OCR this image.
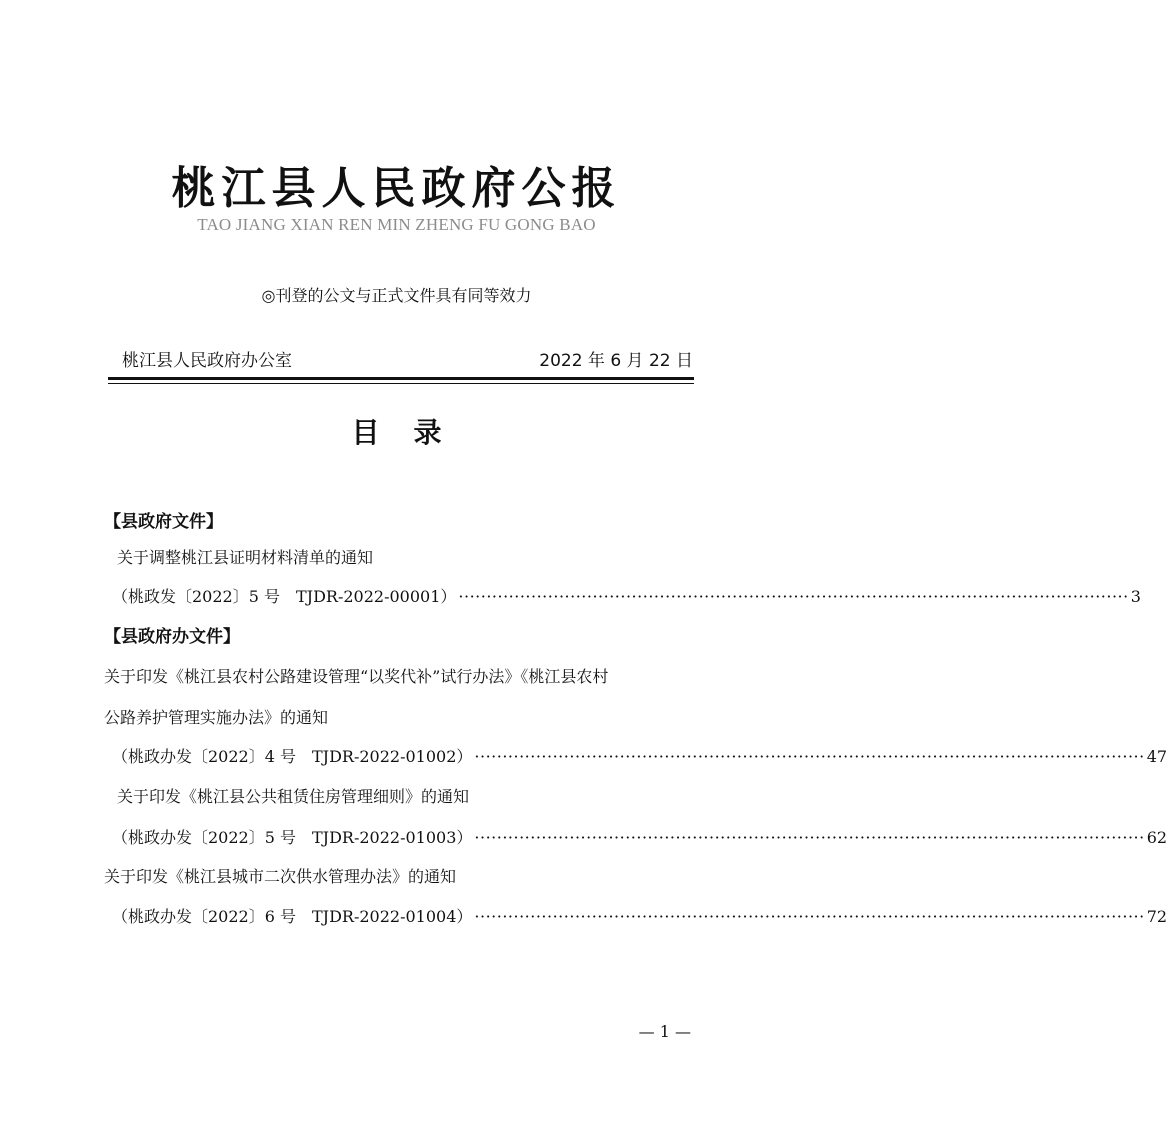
桃江县人民政府公报
TAO JIANG XIAN REN MIN ZHENG FU GONG BAO
◎刊登的公文与正式文件具有同等效力
桃江县人民政府办公室	2022 年 6 月 22 日
目录
【县政府文件】
关于调整桃江县证明材料清单的通知
（桃政发〔2022〕5 号　TJDR-2022-00001） ························································································································ 3
【县政府办文件】
关于印发《桃江县农村公路建设管理“以奖代补”试行办法》《桃江县农村
公路养护管理实施办法》的通知
（桃政办发〔2022〕4 号　TJDR-2022-01002） ························································································································ 47
关于印发《桃江县公共租赁住房管理细则》的通知
（桃政办发〔2022〕5 号　TJDR-2022-01003） ························································································································ 62
关于印发《桃江县城市二次供水管理办法》的通知
（桃政办发〔2022〕6 号　TJDR-2022-01004） ························································································································ 72
— 1 —
